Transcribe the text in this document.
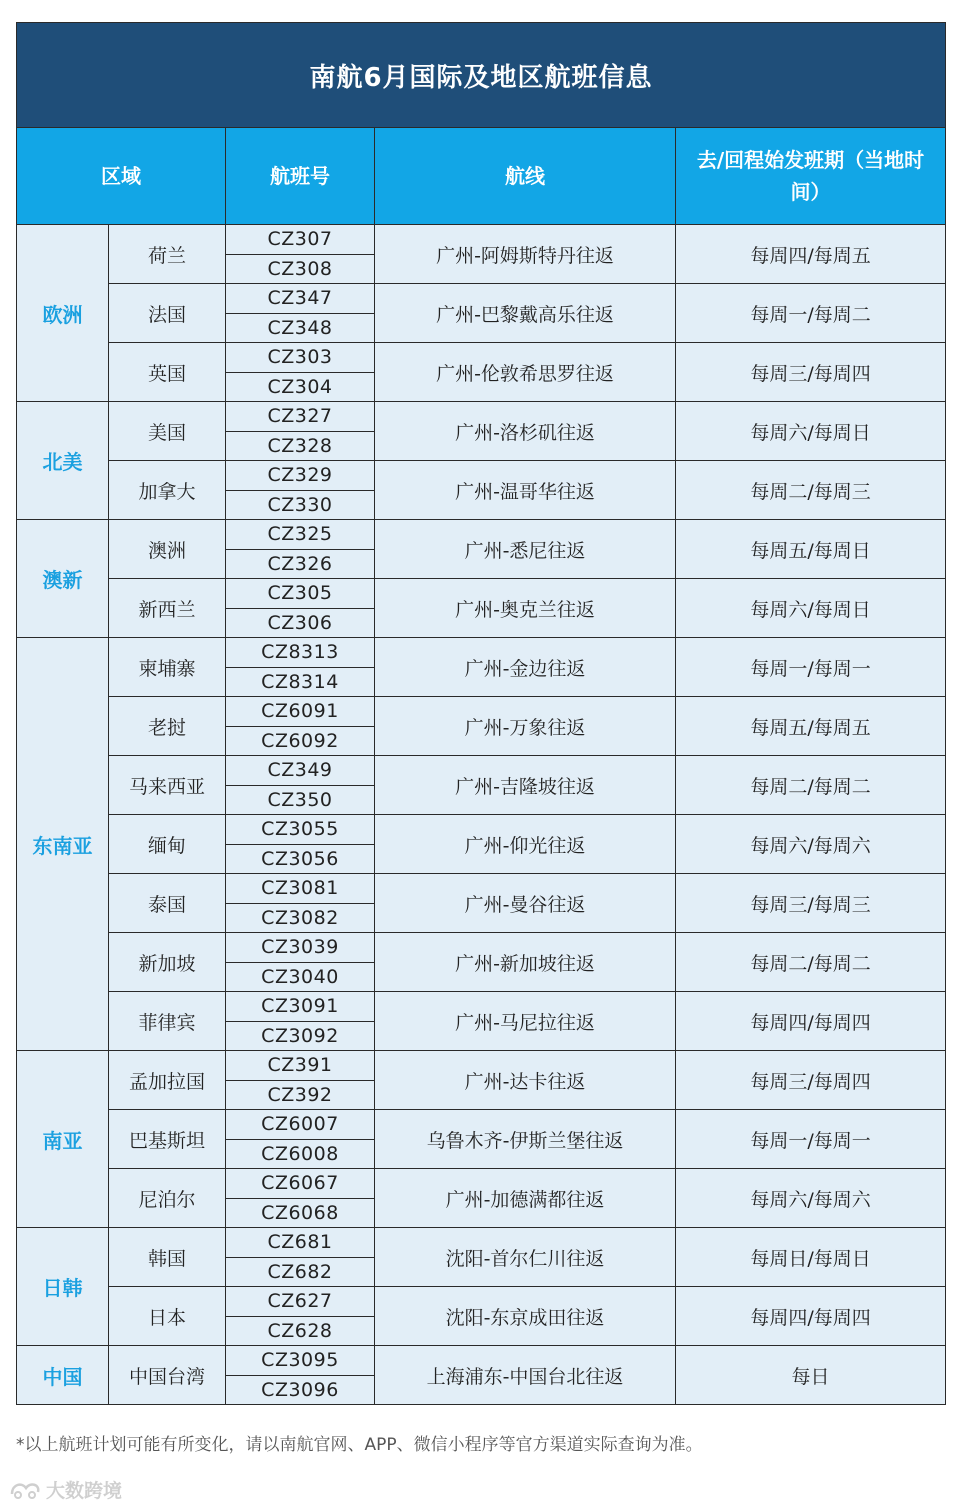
南航6月国际及地区航班信息				
区域		航班号	航线	去/回程始发班期（当地时
间）
欧洲	荷兰	CZ307	广州-阿姆斯特丹往返	每周四/每周五
		CZ308		
	法国	CZ347	广州-巴黎戴高乐往返	每周一/每周二
		CZ348		
	英国	CZ303	广州-伦敦希思罗往返	每周三/每周四
		CZ304		
北美	美国	CZ327	广州-洛杉矶往返	每周六/每周日
		CZ328		
	加拿大	CZ329	广州-温哥华往返	每周二/每周三
		CZ330		
澳新	澳洲	CZ325	广州-悉尼往返	每周五/每周日
		CZ326		
	新西兰	CZ305	广州-奥克兰往返	每周六/每周日
		CZ306		
东南亚	柬埔寨	CZ8313	广州-金边往返	每周一/每周一
		CZ8314		
	老挝	CZ6091	广州-万象往返	每周五/每周五
		CZ6092		
	马来西亚	CZ349	广州-吉隆坡往返	每周二/每周二
		CZ350		
	缅甸	CZ3055	广州-仰光往返	每周六/每周六
		CZ3056		
	泰国	CZ3081	广州-曼谷往返	每周三/每周三
		CZ3082		
	新加坡	CZ3039	广州-新加坡往返	每周二/每周二
		CZ3040		
	菲律宾	CZ3091	广州-马尼拉往返	每周四/每周四
		CZ3092		
南亚	孟加拉国	CZ391	广州-达卡往返	每周三/每周四
		CZ392		
	巴基斯坦	CZ6007	乌鲁木齐-伊斯兰堡往返	每周一/每周一
		CZ6008		
	尼泊尔	CZ6067	广州-加德满都往返	每周六/每周六
		CZ6068		
日韩	韩国	CZ681	沈阳-首尔仁川往返	每周日/每周日
		CZ682		
	日本	CZ627	沈阳-东京成田往返	每周四/每周四
		CZ628		
中国	中国台湾	CZ3095	上海浦东-中国台北往返	每日
		CZ3096		
*以上航班计划可能有所变化，请以南航官网、APP、微信小程序等官方渠道实际查询为准。
大数跨境
